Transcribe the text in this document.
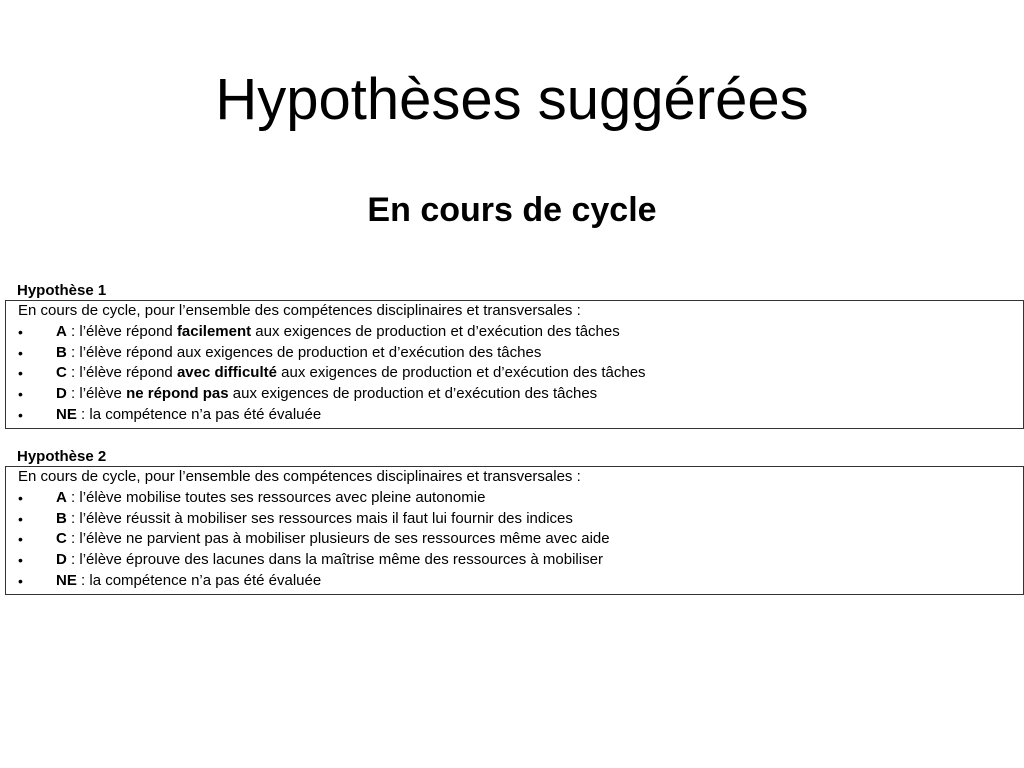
Hypothèses suggérées
En cours de cycle
Hypothèse 1
En cours de cycle, pour l’ensemble des compétences disciplinaires et transversales :
• A : l’élève répond facilement aux exigences de production et d’exécution des tâches
• B : l’élève répond aux exigences de production et d’exécution des tâches
• C : l’élève répond avec difficulté aux exigences de production et d’exécution des tâches
• D : l’élève ne répond pas aux exigences de production et d’exécution des tâches
• NE : la compétence n’a pas été évaluée
Hypothèse 2
En cours de cycle, pour l’ensemble des compétences disciplinaires et transversales :
• A : l’élève mobilise toutes ses ressources avec pleine autonomie
• B : l’élève réussit à mobiliser ses ressources mais il faut lui fournir des indices
• C : l’élève ne parvient pas à mobiliser plusieurs de ses ressources même avec aide
• D : l’élève éprouve des lacunes dans la maîtrise même des ressources à mobiliser
• NE : la compétence n’a pas été évaluée
